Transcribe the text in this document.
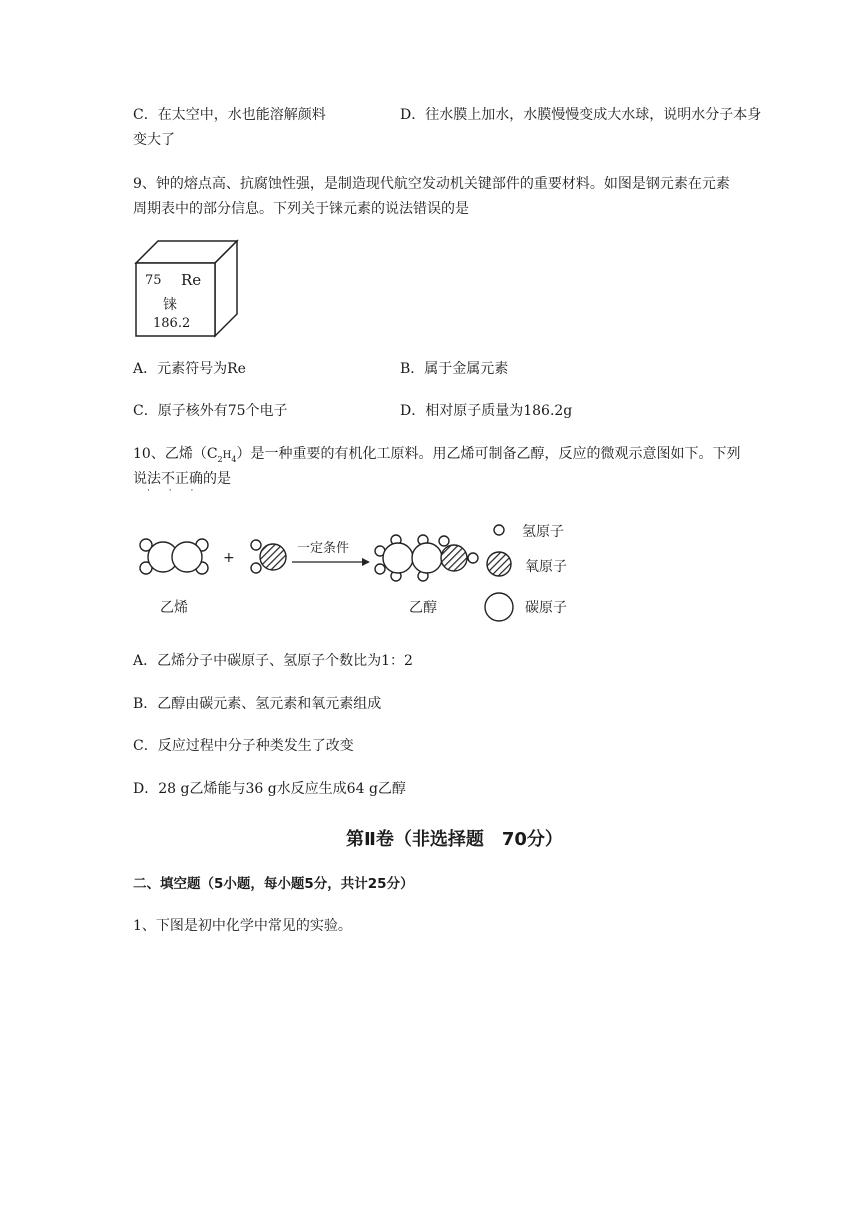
C．在太空中，水也能溶解颜料	D．往水膜上加水，水膜慢慢变成大水球，说明水分子本身
变大了
9、钟的熔点高、抗腐蚀性强，是制造现代航空发动机关键部件的重要材料。如图是钢元素在元素
周期表中的部分信息。下列关于铼元素的说法错误的是
75 Re
铼
186.2
A．元素符号为Re	B．属于金属元素
C．原子核外有75个电子	D．相对原子质量为186.2g
10、乙烯$(C_2H_4)$是一种重要的有机化工原料。用乙烯可制备乙醇，反应的微观示意图如下。下列
说法不正确的是
· · ·
+
一定条件
氢原子
氧原子
碳原子
乙烯	乙醇
A．乙烯分子中碳原子、氢原子个数比为1：2
B．乙醇由碳元素、氢元素和氧元素组成
C．反应过程中分子种类发生了改变
D．28 g乙烯能与36 g水反应生成64 g乙醇
第Ⅱ卷（非选择题　70分）
二、填空题（5小题，每小题5分，共计25分）
1、下图是初中化学中常见的实验。
